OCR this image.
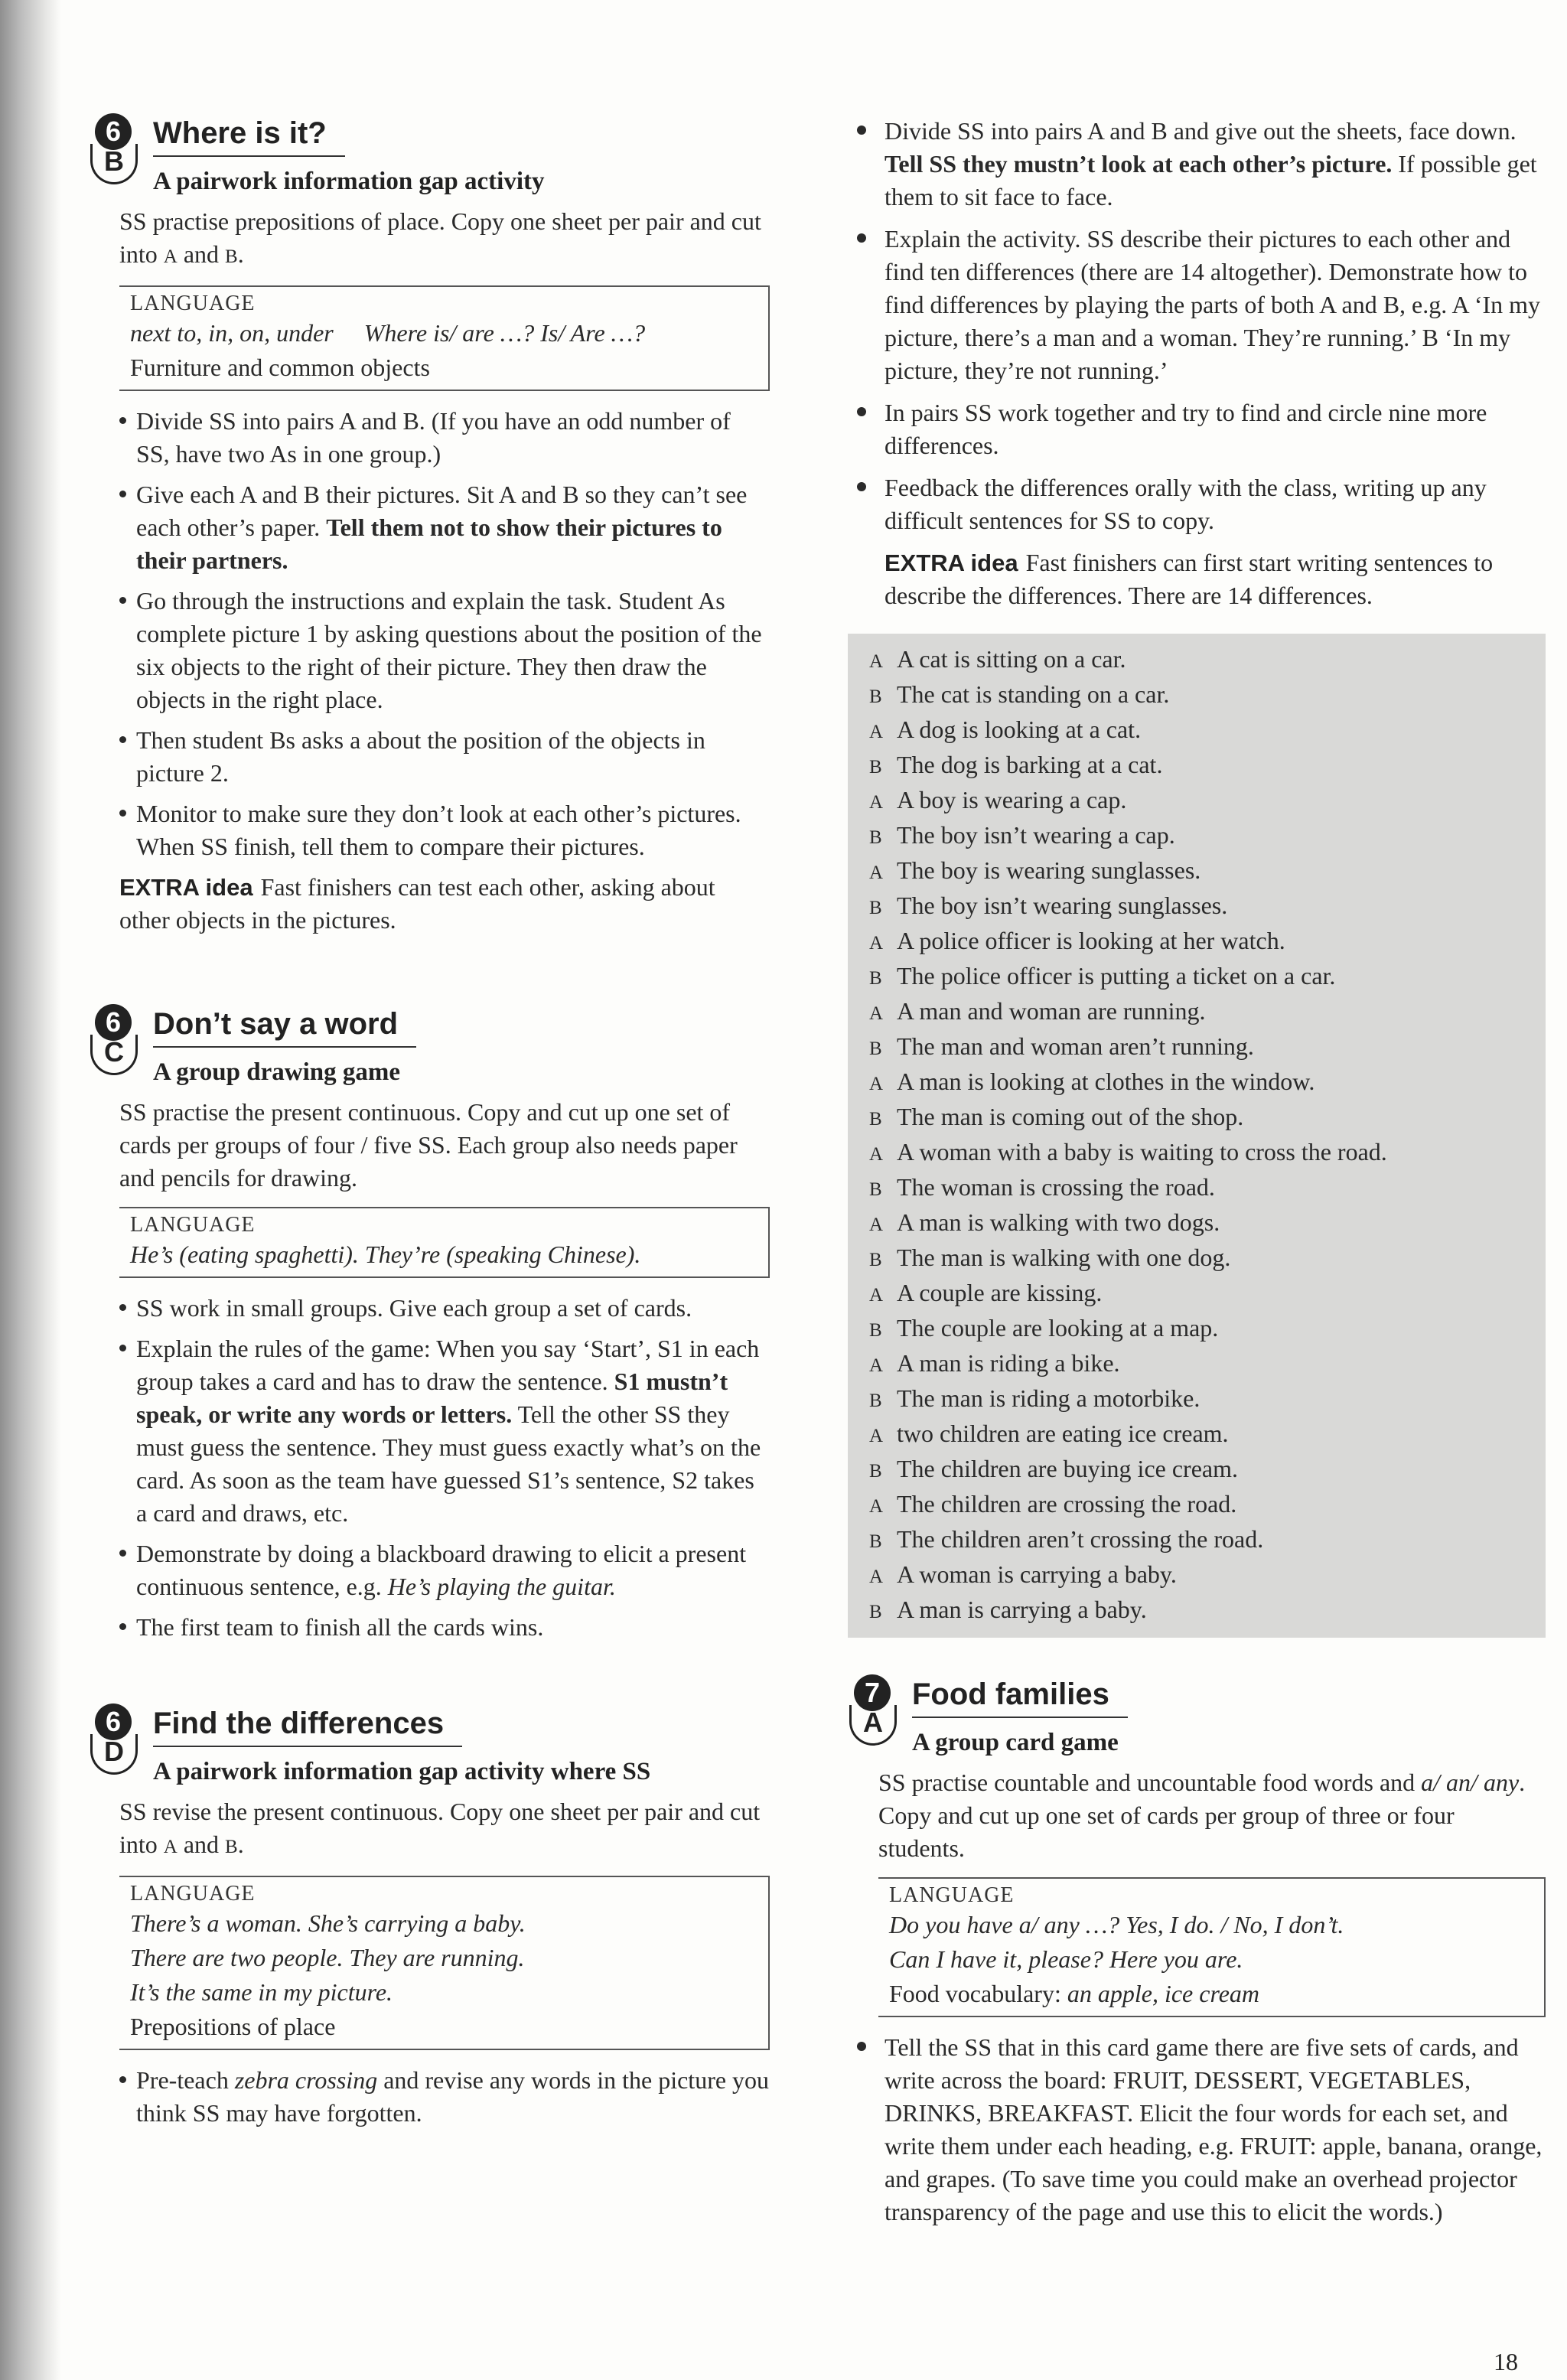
6
B
Where is it?
A pairwork information gap activity

SS practise prepositions of place. Copy one sheet per pair and cut into A and B.

LANGUAGE

next to, in, on, under Where is/ are …? Is/ Are …?

Furniture and common objects

Divide SS into pairs A and B. (If you have an odd number of SS, have two As in one group.)
Give each A and B their pictures. Sit A and B so they can’t see each other’s paper. Tell them not to show their pictures to their partners.
Go through the instructions and explain the task. Student As complete picture 1 by asking questions about the position of the six objects to the right of their picture. They then draw the objects in the right place.
Then student Bs asks a about the position of the objects in picture 2.
Monitor to make sure they don’t look at each other’s pictures. When SS finish, tell them to compare their pictures.

EXTRA idea Fast finishers can test each other, asking about other objects in the pictures.

6
C
Don’t say a word
A group drawing game

SS practise the present continuous. Copy and cut up one set of cards per groups of four / five SS. Each group also needs paper and pencils for drawing.

LANGUAGE

He’s (eating spaghetti). They’re (speaking Chinese).

SS work in small groups. Give each group a set of cards.
Explain the rules of the game: When you say ‘Start’, S1 in each group takes a card and has to draw the sentence. S1 mustn’t speak, or write any words or letters. Tell the other SS they must guess the sentence. They must guess exactly what’s on the card. As soon as the team have guessed S1’s sentence, S2 takes a card and draws, etc.
Demonstrate by doing a blackboard drawing to elicit a present continuous sentence, e.g. He’s playing the guitar.
The first team to finish all the cards wins.
6
D
Find the differences
A pairwork information gap activity where SS

SS revise the present continuous. Copy one sheet per pair and cut into A and B.

LANGUAGE

There’s a woman. She’s carrying a baby.

There are two people. They are running.

It’s the same in my picture.

Prepositions of place

Pre-teach zebra crossing and revise any words in the picture you think SS may have forgotten.
Divide SS into pairs A and B and give out the sheets, face down. Tell SS they mustn’t look at each other’s picture. If possible get them to sit face to face.
Explain the activity. SS describe their pictures to each other and find ten differences (there are 14 altogether). Demonstrate how to find differences by playing the parts of both A and B, e.g. A ‘In my picture, there’s a man and a woman. They’re running.’ B ‘In my picture, they’re not running.’
In pairs SS work together and try to find and circle nine more differences.
Feedback the differences orally with the class, writing up any difficult sentences for SS to copy.

EXTRA idea Fast finishers can first start writing sentences to describe the differences. There are 14 differences.

A A cat is sitting on a car.
B The cat is standing on a car.
A A dog is looking at a cat.
B The dog is barking at a cat.
A A boy is wearing a cap.
B The boy isn’t wearing a cap.
A The boy is wearing sunglasses.
B The boy isn’t wearing sunglasses.
A A police officer is looking at her watch.
B The police officer is putting a ticket on a car.
A A man and woman are running.
B The man and woman aren’t running.
A A man is looking at clothes in the window.
B The man is coming out of the shop.
A A woman with a baby is waiting to cross the road.
B The woman is crossing the road.
A A man is walking with two dogs.
B The man is walking with one dog.
A A couple are kissing.
B The couple are looking at a map.
A A man is riding a bike.
B The man is riding a motorbike.
A two children are eating ice cream.
B The children are buying ice cream.
A The children are crossing the road.
B The children aren’t crossing the road.
A A woman is carrying a baby.
B A man is carrying a baby.
7
A
Food families
A group card game

SS practise countable and uncountable food words and a/ an/ any. Copy and cut up one set of cards per group of three or four students.

LANGUAGE

Do you have a/ any …? Yes, I do. / No, I don’t.

Can I have it, please? Here you are.

Food vocabulary: an apple, ice cream

Tell the SS that in this card game there are five sets of cards, and write across the board: FRUIT, DESSERT, VEGETABLES, DRINKS, BREAKFAST. Elicit the four words for each set, and write them under each heading, e.g. FRUIT: apple, banana, orange, and grapes. (To save time you could make an overhead projector transparency of the page and use this to elicit the words.)
18
